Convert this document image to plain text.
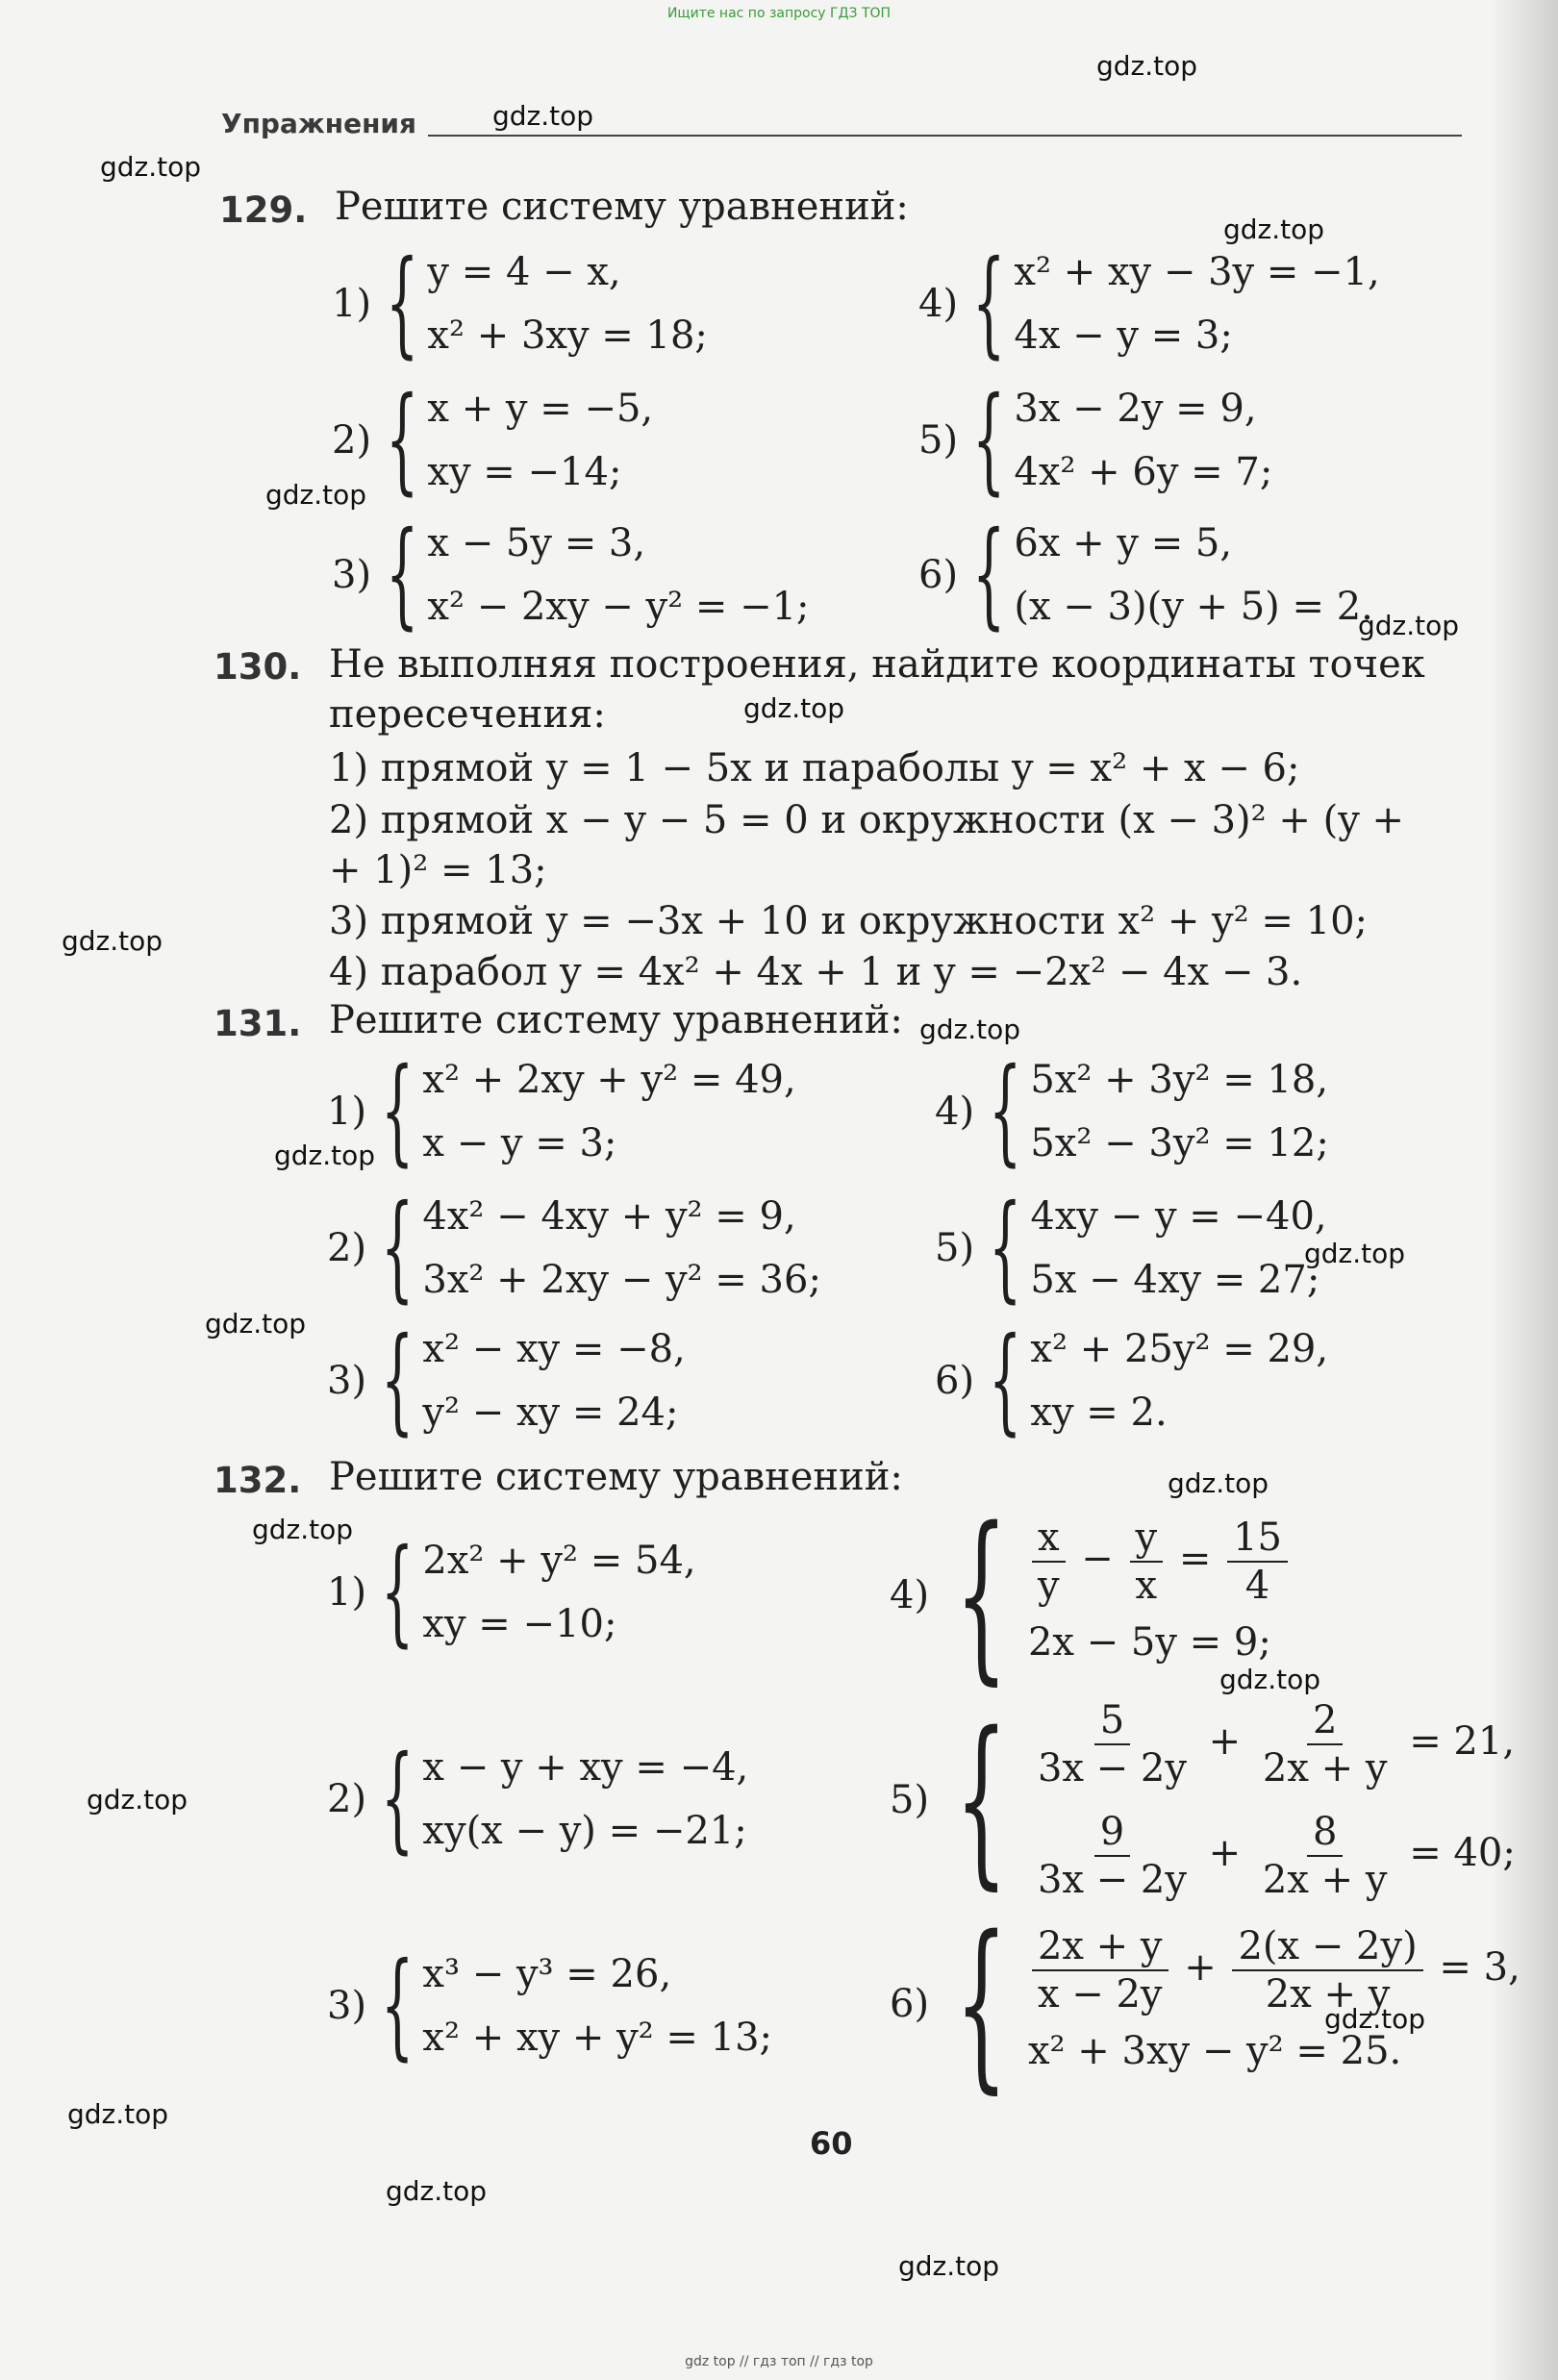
Ищите нас по запросу ГДЗ ТОП
gdz.top
gdz.top
gdz.top
gdz.top
gdz.top
gdz.top
gdz.top
gdz.top
gdz.top
gdz.top
gdz.top
gdz.top
gdz.top
gdz.top
gdz.top
gdz.top
gdz.top
gdz.top
gdz.top
gdz.top
Упражнения
129. Решите систему уравнений:
1) { y = 4 − x,
x² + 3xy = 18;
2) { x + y = −5,
xy = −14;
3) { x − 5y = 3,
x² − 2xy − y² = −1;
4) { x² + xy − 3y = −1,
4x − y = 3;
5) { 3x − 2y = 9,
4x² + 6y = 7;
6) { 6x + y = 5,
(x − 3)(y + 5) = 2.
130. Не выполняя построения, найдите координаты точек
пересечения:
1) прямой y = 1 − 5x и параболы y = x² + x − 6;
2) прямой x − y − 5 = 0 и окружности (x − 3)² + (y +
+ 1)² = 13;
3) прямой y = −3x + 10 и окружности x² + y² = 10;
4) парабол y = 4x² + 4x + 1 и y = −2x² − 4x − 3.
131. Решите систему уравнений:
1) { x² + 2xy + y² = 49,
x − y = 3;
2) { 4x² − 4xy + y² = 9,
3x² + 2xy − y² = 36;
3) { x² − xy = −8,
y² − xy = 24;
4) { 5x² + 3y² = 18,
5x² − 3y² = 12;
5) { 4xy − y = −40,
5x − 4xy = 27;
6) { x² + 25y² = 29,
xy = 2.
132. Решите систему уравнений:
1) { 2x² + y² = 54,
xy = −10;
2) { x − y + xy = −4,
xy(x − y) = −21;
3) { x³ − y³ = 26,
x² + xy + y² = 13;
4) { $\frac{x}{y} - \frac{y}{x} = \frac{15}{4}$
2x − 5y = 9;
5) { $\frac{5}{3x - 2y} + \frac{2}{2x + y} = 21$,
$\frac{9}{3x - 2y} + \frac{8}{2x + y} = 40$;
6) { $\frac{2x + y}{x - 2y} + \frac{2(x - 2y)}{2x + y} = 3$,
x² + 3xy − y² = 25.
60
gdz top // гдз топ // гдз top
